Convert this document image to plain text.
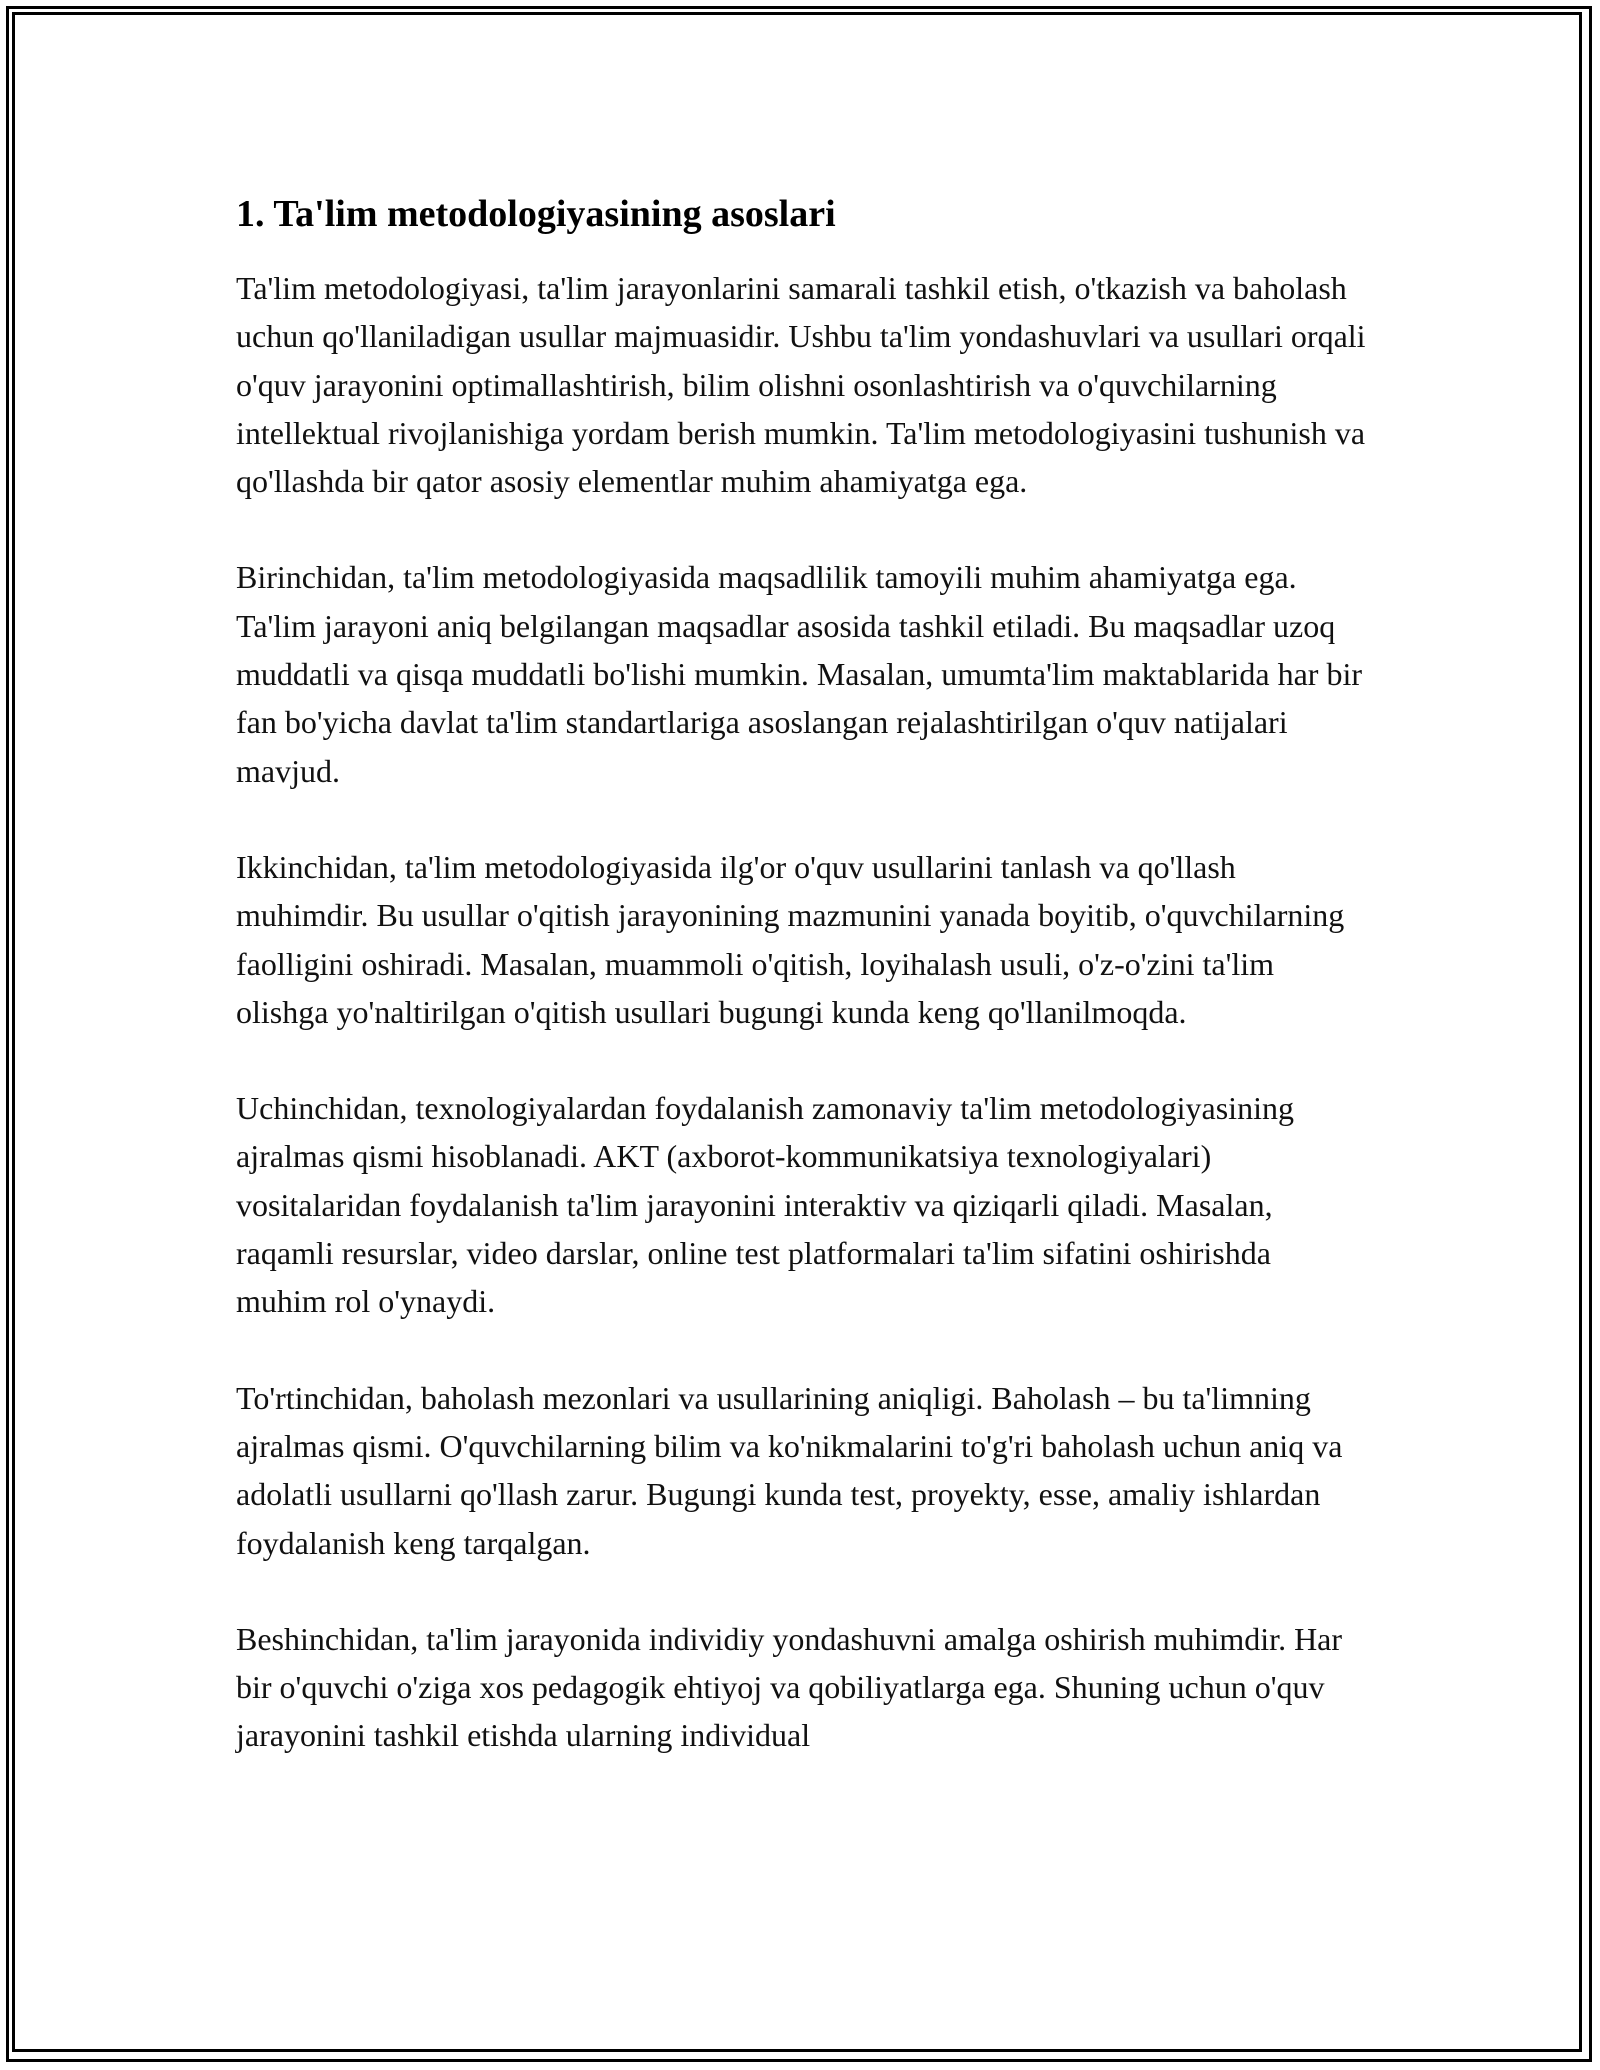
1. Ta'lim metodologiyasining asoslari

Ta'lim metodologiyasi, ta'lim jarayonlarini samarali tashkil etish, o'tkazish va baholash uchun qo'llaniladigan usullar majmuasidir. Ushbu ta'lim yondashuvlari va usullari orqali o'quv jarayonini optimallashtirish, bilim olishni osonlashtirish va o'quvchilarning intellektual rivojlanishiga yordam berish mumkin. Ta'lim metodologiyasini tushunish va qo'llashda bir qator asosiy elementlar muhim ahamiyatga ega.

Birinchidan, ta'lim metodologiyasida maqsadlilik tamoyili muhim ahamiyatga ega. Ta'lim jarayoni aniq belgilangan maqsadlar asosida tashkil etiladi. Bu maqsadlar uzoq muddatli va qisqa muddatli bo'lishi mumkin. Masalan, umumta'lim maktablarida har bir fan bo'yicha davlat ta'lim standartlariga asoslangan rejalashtirilgan o'quv natijalari mavjud.

Ikkinchidan, ta'lim metodologiyasida ilg'or o'quv usullarini tanlash va qo'llash muhimdir. Bu usullar o'qitish jarayonining mazmunini yanada boyitib, o'quvchilarning faolligini oshiradi. Masalan, muammoli o'qitish, loyihalash usuli, o'z-o'zini ta'lim olishga yo'naltirilgan o'qitish usullari bugungi kunda keng qo'llanilmoqda.

Uchinchidan, texnologiyalardan foydalanish zamonaviy ta'lim metodologiyasining ajralmas qismi hisoblanadi. AKT (axborot-kommunikatsiya texnologiyalari) vositalaridan foydalanish ta'lim jarayonini interaktiv va qiziqarli qiladi. Masalan, raqamli resurslar, video darslar, online test platformalari ta'lim sifatini oshirishda muhim rol o'ynaydi.

To'rtinchidan, baholash mezonlari va usullarining aniqligi. Baholash – bu ta'limning ajralmas qismi. O'quvchilarning bilim va ko'nikmalarini to'g'ri baholash uchun aniq va adolatli usullarni qo'llash zarur. Bugungi kunda test, proyekty, esse, amaliy ishlardan foydalanish keng tarqalgan.

Beshinchidan, ta'lim jarayonida individiy yondashuvni amalga oshirish muhimdir. Har bir o'quvchi o'ziga xos pedagogik ehtiyoj va qobiliyatlarga ega. Shuning uchun o'quv jarayonini tashkil etishda ularning individual
